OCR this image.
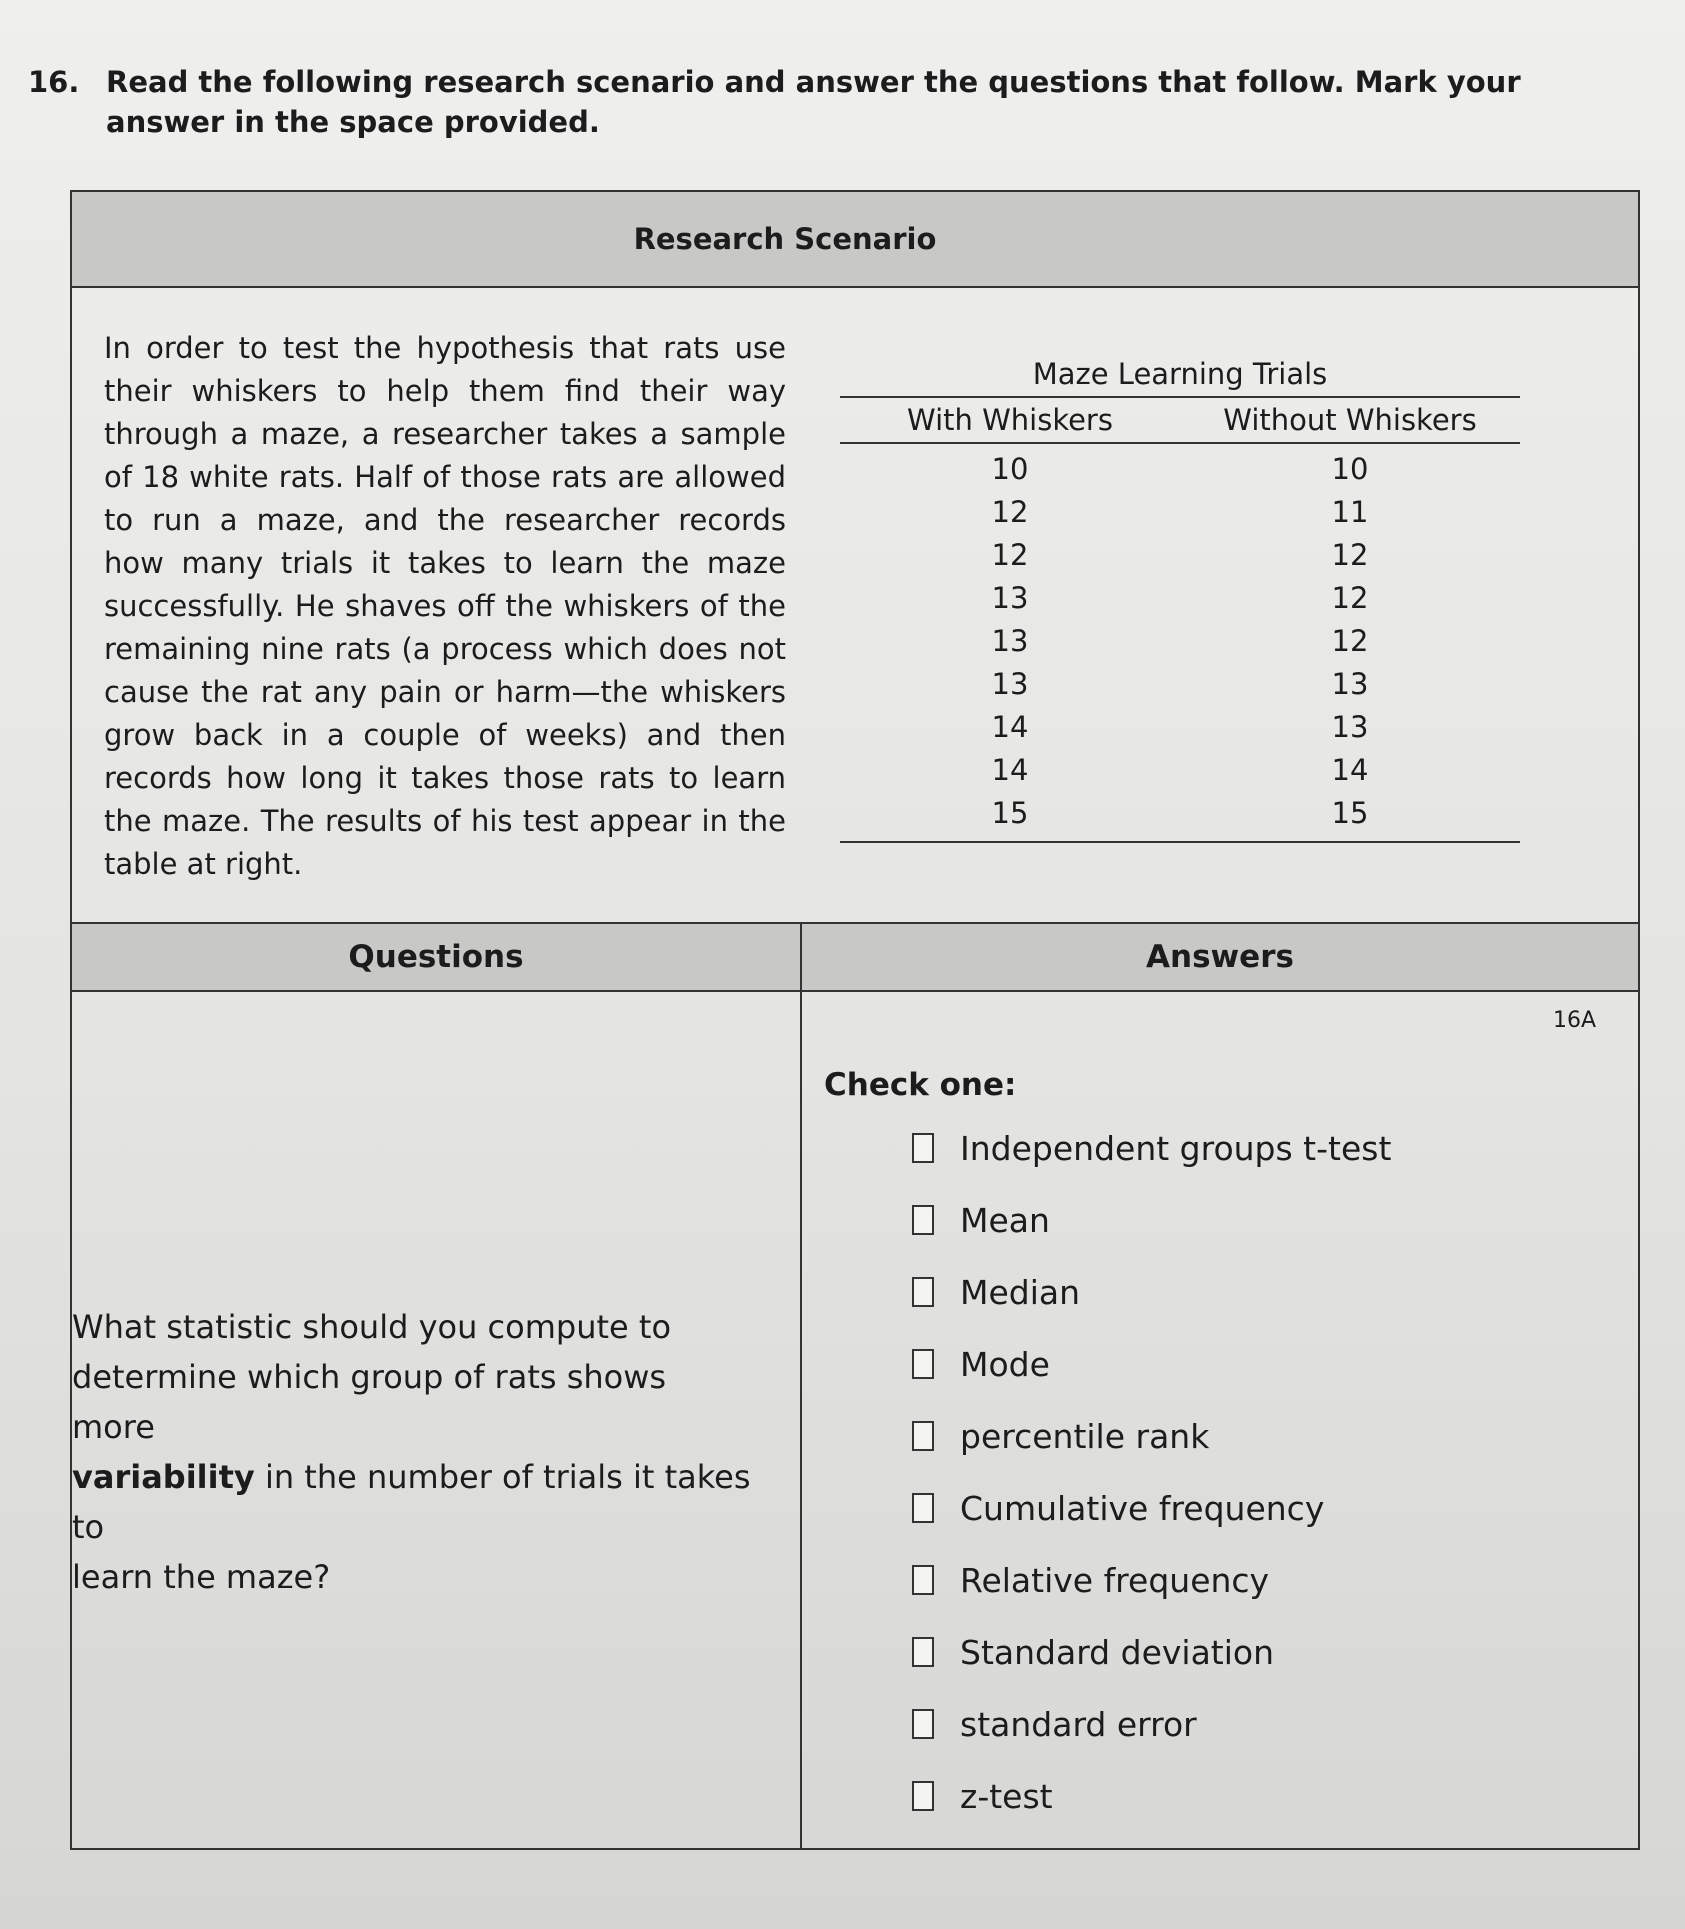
16. Read the following research scenario and answer the questions that follow. Mark your answer in the space provided.
Research Scenario
In order to test the hypothesis that rats use their whiskers to help them find their way through a maze, a researcher takes a sample of 18 white rats. Half of those rats are allowed to run a maze, and the researcher records how many trials it takes to learn the maze successfully. He shaves off the whiskers of the remaining nine rats (a process which does not cause the rat any pain or harm—the whiskers grow back in a couple of weeks) and then records how long it takes those rats to learn the maze. The results of his test appear in the table at right.
Maze Learning Trials
With Whiskers	Without Whiskers
10
12
12
13
13
13
14
14
15
10
11
12
12
12
13
13
14
15
Questions	Answers
What statistic should you compute to
determine which group of rats shows more
variability in the number of trials it takes to
learn the maze?
16A
Check one:
Independent groups t-test
Mean
Median
Mode
percentile rank
Cumulative frequency
Relative frequency
Standard deviation
standard error
z-test
